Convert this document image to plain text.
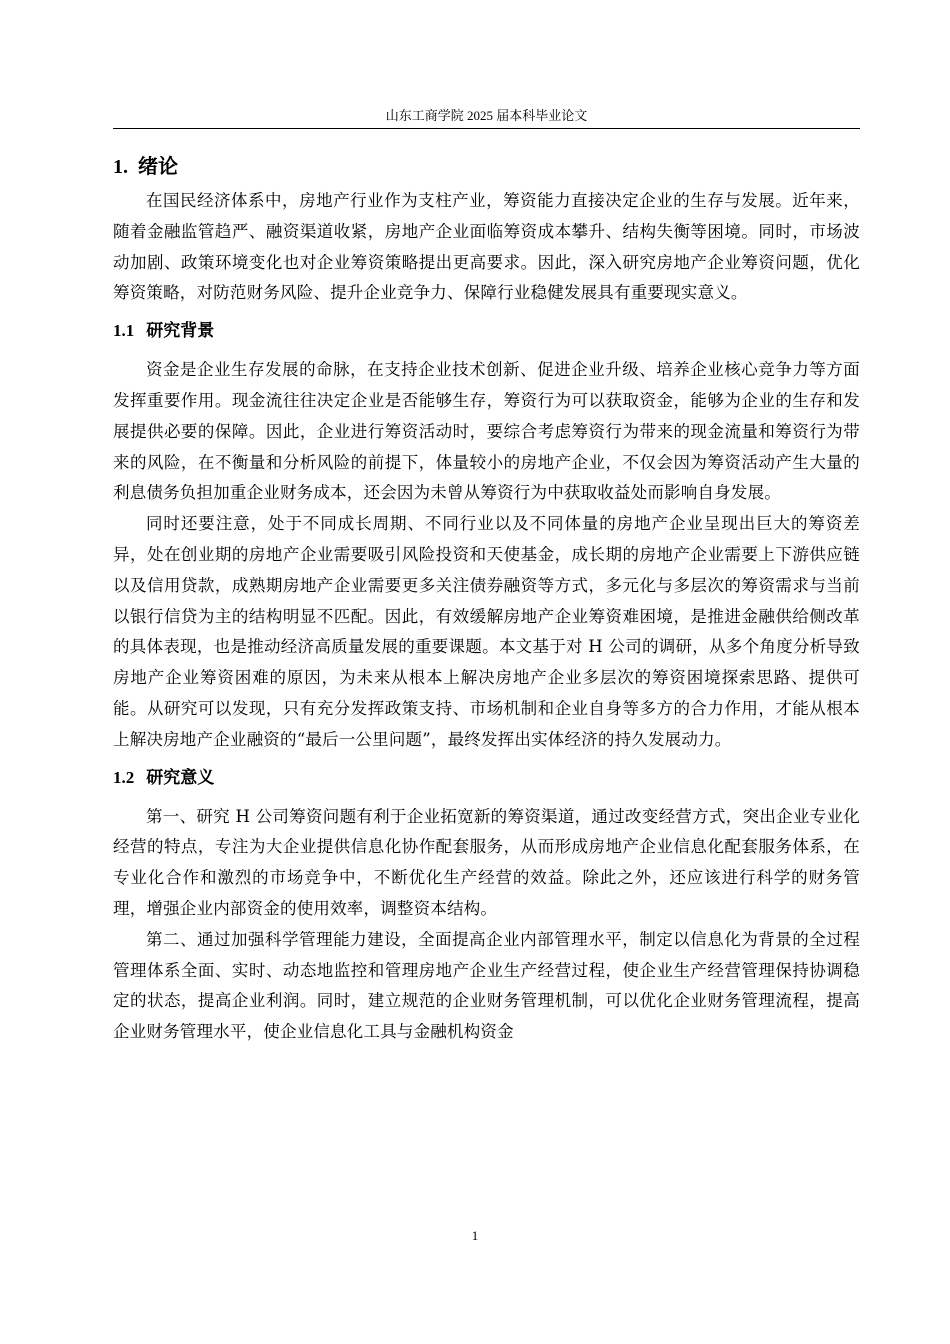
山东工商学院 2025 届本科毕业论文
1. 绪论

在国民经济体系中，房地产行业作为支柱产业，筹资能力直接决定企业的生存与发展。近年来，随着金融监管趋严、融资渠道收紧，房地产企业面临筹资成本攀升、结构失衡等困境。同时，市场波动加剧、政策环境变化也对企业筹资策略提出更高要求。因此，深入研究房地产企业筹资问题，优化筹资策略，对防范财务风险、提升企业竞争力、保障行业稳健发展具有重要现实意义。

1.1 研究背景

资金是企业生存发展的命脉，在支持企业技术创新、促进企业升级、培养企业核心竞争力等方面发挥重要作用。现金流往往决定企业是否能够生存，筹资行为可以获取资金，能够为企业的生存和发展提供必要的保障。因此，企业进行筹资活动时，要综合考虑筹资行为带来的现金流量和筹资行为带来的风险，在不衡量和分析风险的前提下，体量较小的房地产企业，不仅会因为筹资活动产生大量的利息债务负担加重企业财务成本，还会因为未曾从筹资行为中获取收益处而影响自身发展。

同时还要注意，处于不同成长周期、不同行业以及不同体量的房地产企业呈现出巨大的筹资差异，处在创业期的房地产企业需要吸引风险投资和天使基金，成长期的房地产企业需要上下游供应链以及信用贷款，成熟期房地产企业需要更多关注债券融资等方式，多元化与多层次的筹资需求与当前以银行信贷为主的结构明显不匹配。因此，有效缓解房地产企业筹资难困境，是推进金融供给侧改革的具体表现，也是推动经济高质量发展的重要课题。本文基于对 H 公司的调研，从多个角度分析导致房地产企业筹资困难的原因，为未来从根本上解决房地产企业多层次的筹资困境探索思路、提供可能。从研究可以发现，只有充分发挥政策支持、市场机制和企业自身等多方的合力作用，才能从根本上解决房地产企业融资的“最后一公里问题”，最终发挥出实体经济的持久发展动力。

1.2 研究意义

第一、研究 H 公司筹资问题有利于企业拓宽新的筹资渠道，通过改变经营方式，突出企业专业化经营的特点，专注为大企业提供信息化协作配套服务，从而形成房地产企业信息化配套服务体系，在专业化合作和激烈的市场竞争中，不断优化生产经营的效益。除此之外，还应该进行科学的财务管理，增强企业内部资金的使用效率，调整资本结构。

第二、通过加强科学管理能力建设，全面提高企业内部管理水平，制定以信息化为背景的全过程管理体系全面、实时、动态地监控和管理房地产企业生产经营过程，使企业生产经营管理保持协调稳定的状态，提高企业利润。同时，建立规范的企业财务管理机制，可以优化企业财务管理流程，提高企业财务管理水平，使企业信息化工具与金融机构资金

1
